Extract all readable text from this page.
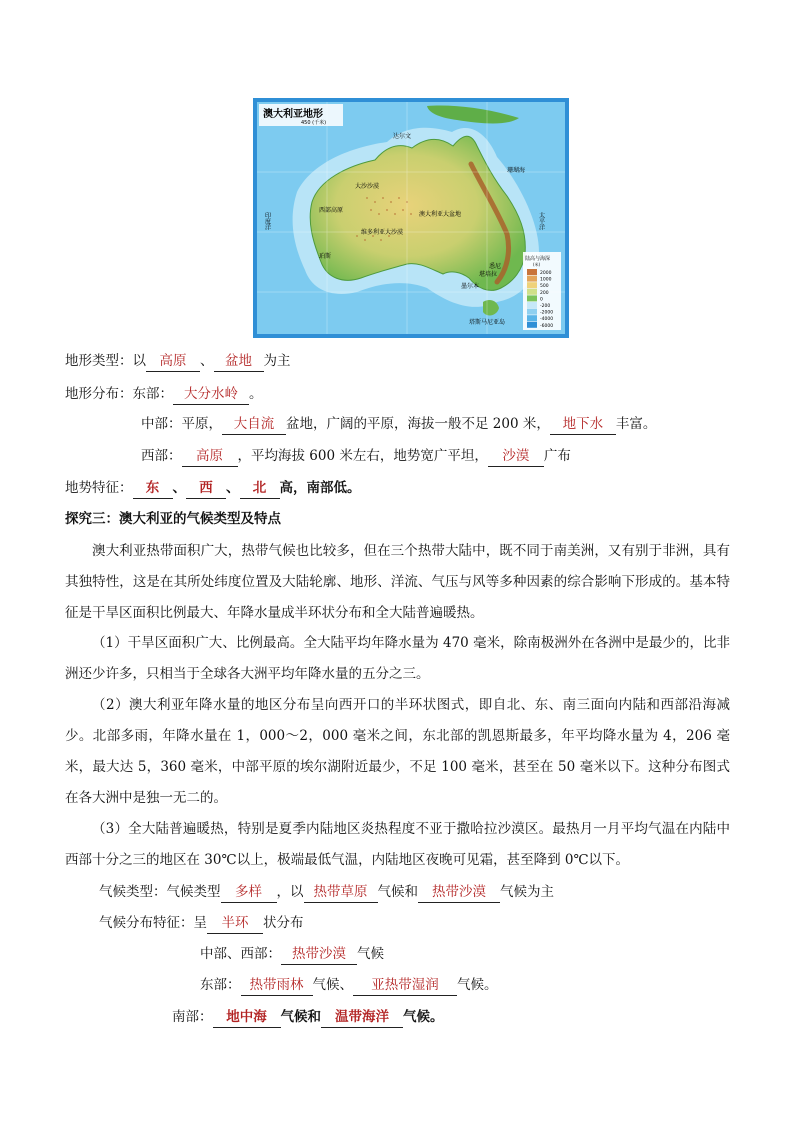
澳大利亚地形
450 (千米)
大沙沙漠
维多利亚大沙漠
澳大利亚大盆地
西部高原
达尔文
珀斯
悉尼
墨尔本
堪培拉
塔斯马尼亚岛
珊瑚海
太平洋
印度洋
陆高与海深
(米)
2000
1000
500
200
0
-200
-2000
-4000
-6000
地形类型：以 高原 、 盆地 为主
地形分布：东部： 大分水岭 。
中部：平原， 大自流 盆地，广阔的平原，海拔一般不足 200 米， 地下水 丰富。
西部： 高原 ，平均海拔 600 米左右，地势宽广平坦， 沙漠 广布
地势特征： 东 、 西 、 北 高，南部低。
探究三：澳大利亚的气候类型及特点
澳大利亚热带面积广大，热带气候也比较多，但在三个热带大陆中，既不同于南美洲，又有别于非洲，具有其独特性，这是在其所处纬度位置及大陆轮廓、地形、洋流、气压与风等多种因素的综合影响下形成的。基本特征是干旱区面积比例最大、年降水量成半环状分布和全大陆普遍暖热。
（1）干旱区面积广大、比例最高。全大陆平均年降水量为 470 毫米，除南极洲外在各洲中是最少的，比非洲还少许多，只相当于全球各大洲平均年降水量的五分之三。
（2）澳大利亚年降水量的地区分布呈向西开口的半环状图式，即自北、东、南三面向内陆和西部沿海减少。北部多雨，年降水量在 1，000～2，000 毫米之间，东北部的凯恩斯最多，年平均降水量为 4，206 毫米，最大达 5，360 毫米，中部平原的埃尔湖附近最少，不足 100 毫米，甚至在 50 毫米以下。这种分布图式在各大洲中是独一无二的。
（3）全大陆普遍暖热，特别是夏季内陆地区炎热程度不亚于撒哈拉沙漠区。最热月一月平均气温在内陆中西部十分之三的地区在 30℃以上，极端最低气温，内陆地区夜晚可见霜，甚至降到 0℃以下。
气候类型：气候类型 多样 ，以 热带草原 气候和 热带沙漠 气候为主
气候分布特征：呈 半环 状分布
中部、西部： 热带沙漠 气候
东部： 热带雨林 气候、 亚热带湿润 气候。
南部： 地中海 气候和 温带海洋 气候。
